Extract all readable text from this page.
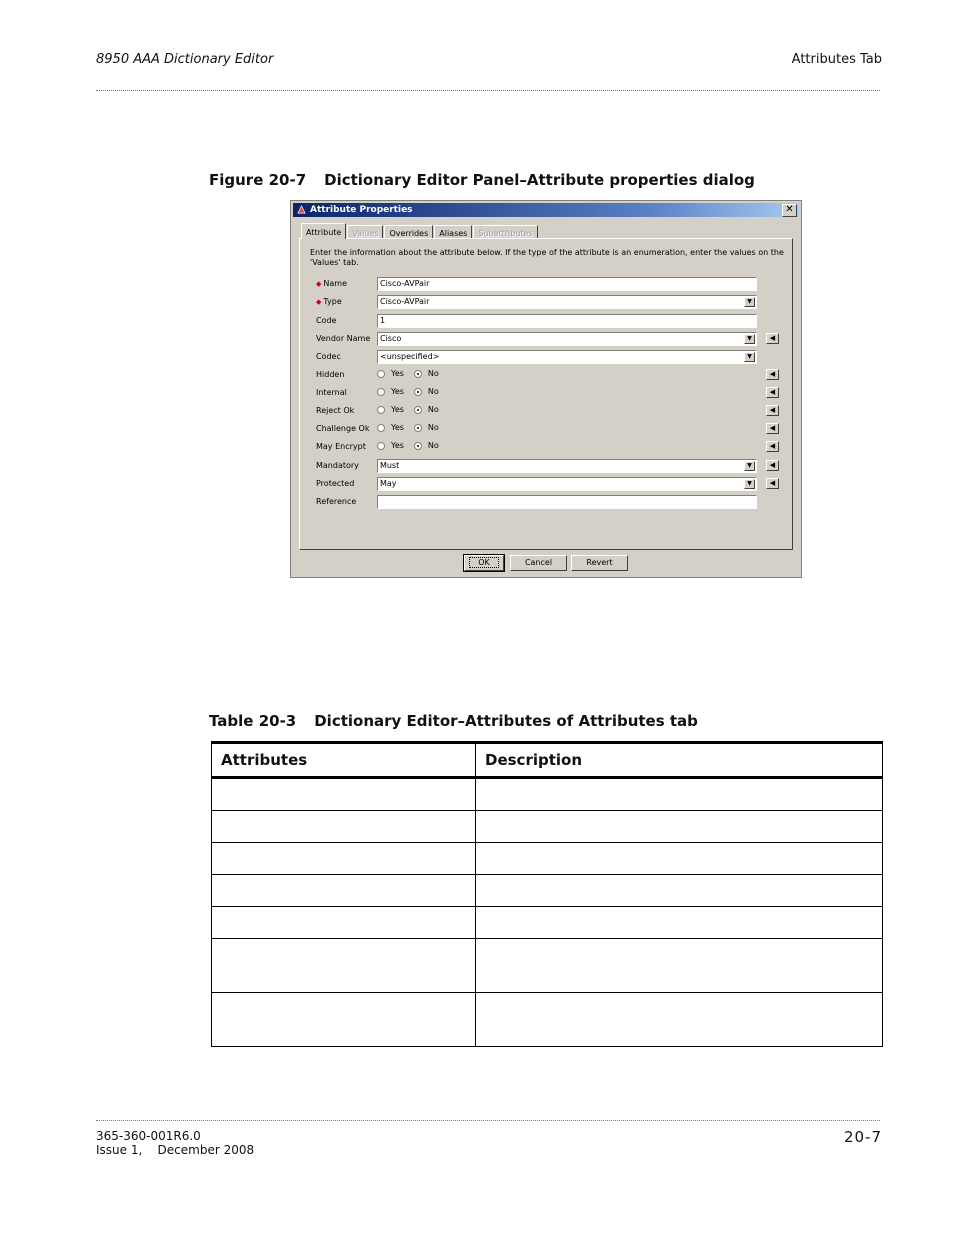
8950 AAA Dictionary Editor	Attributes Tab
Figure 20-7 Dictionary Editor Panel–Attribute properties dialog
Attribute Properties	✕
Attribute	Values	Overrides	Aliases	Subattributes
Enter the information about the attribute below. If the type of the attribute is an enumeration, enter the values on the 'Values' tab.
◆ Name	Cisco-AVPair
◆ Type	Cisco-AVPair	▼
Code	1
Vendor Name	Cisco	▼	◀
Codec	<unspecified>	▼
Hidden	Yes	No	◀
Internal	Yes	No	◀
Reject Ok	Yes	No	◀
Challenge Ok	Yes	No	◀
May Encrypt	Yes	No	◀
Mandatory	Must	▼	◀
Protected	May	▼	◀
Reference
OK	Cancel	Revert
Table 20-3 Dictionary Editor–Attributes of Attributes tab
Attributes	Description

365-360-001R6.0
Issue 1,    December 2008
20-7
